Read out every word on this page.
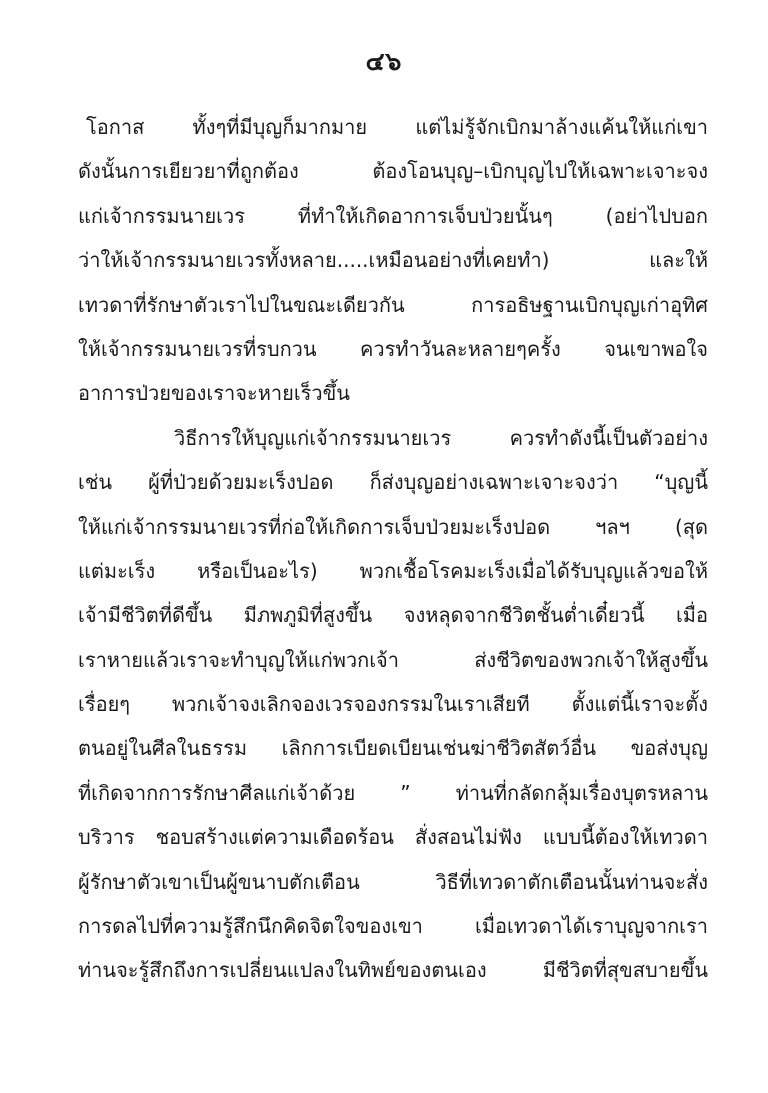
๔๖
โอกาส ทั้งๆที่มีบุญก็มากมาย แต่ไม่รู้จักเบิกมาล้างแค้นให้แก่เขา
ดังนั้นการเยียวยาที่ถูกต้อง ต้องโอนบุญ–เบิกบุญไปให้เฉพาะเจาะจง
แก่เจ้ากรรมนายเวร ที่ทำให้เกิดอาการเจ็บป่วยนั้นๆ (อย่าไปบอก
ว่าให้เจ้ากรรมนายเวรทั้งหลาย.....เหมือนอย่างที่เคยทำ) และให้
เทวดาที่รักษาตัวเราไปในขณะเดียวกัน การอธิษฐานเบิกบุญเก่าอุทิศ
ให้เจ้ากรรมนายเวรที่รบกวน ควรทำวันละหลายๆครั้ง จนเขาพอใจ
อาการป่วยของเราจะหายเร็วขึ้น
วิธีการให้บุญแก่เจ้ากรรมนายเวร ควรทำดังนี้เป็นตัวอย่าง
เช่น ผู้ที่ป่วยด้วยมะเร็งปอด ก็ส่งบุญอย่างเฉพาะเจาะจงว่า “บุญนี้
ให้แก่เจ้ากรรมนายเวรที่ก่อให้เกิดการเจ็บป่วยมะเร็งปอด ฯลฯ (สุด
แต่มะเร็ง หรือเป็นอะไร) พวกเชื้อโรคมะเร็งเมื่อได้รับบุญแล้วขอให้
เจ้ามีชีวิตที่ดีขึ้น มีภพภูมิที่สูงขึ้น จงหลุดจากชีวิตชั้นต่ำเดี๋ยวนี้ เมื่อ
เราหายแล้วเราจะทำบุญให้แก่พวกเจ้า ส่งชีวิตของพวกเจ้าให้สูงขึ้น
เรื่อยๆ พวกเจ้าจงเลิกจองเวรจองกรรมในเราเสียที ตั้งแต่นี้เราจะตั้ง
ตนอยู่ในศีลในธรรม เลิกการเบียดเบียนเช่นฆ่าชีวิตสัตว์อื่น ขอส่งบุญ
ที่เกิดจากการรักษาศีลแก่เจ้าด้วย ” ท่านที่กลัดกลุ้มเรื่องบุตรหลาน
บริวาร ชอบสร้างแต่ความเดือดร้อน สั่งสอนไม่ฟัง แบบนี้ต้องให้เทวดา
ผู้รักษาตัวเขาเป็นผู้ขนาบตักเตือน วิธีที่เทวดาตักเตือนนั้นท่านจะสั่ง
การดลไปที่ความรู้สึกนึกคิดจิตใจของเขา เมื่อเทวดาได้เราบุญจากเรา
ท่านจะรู้สึกถึงการเปลี่ยนแปลงในทิพย์ของตนเอง มีชีวิตที่สุขสบายขึ้น
